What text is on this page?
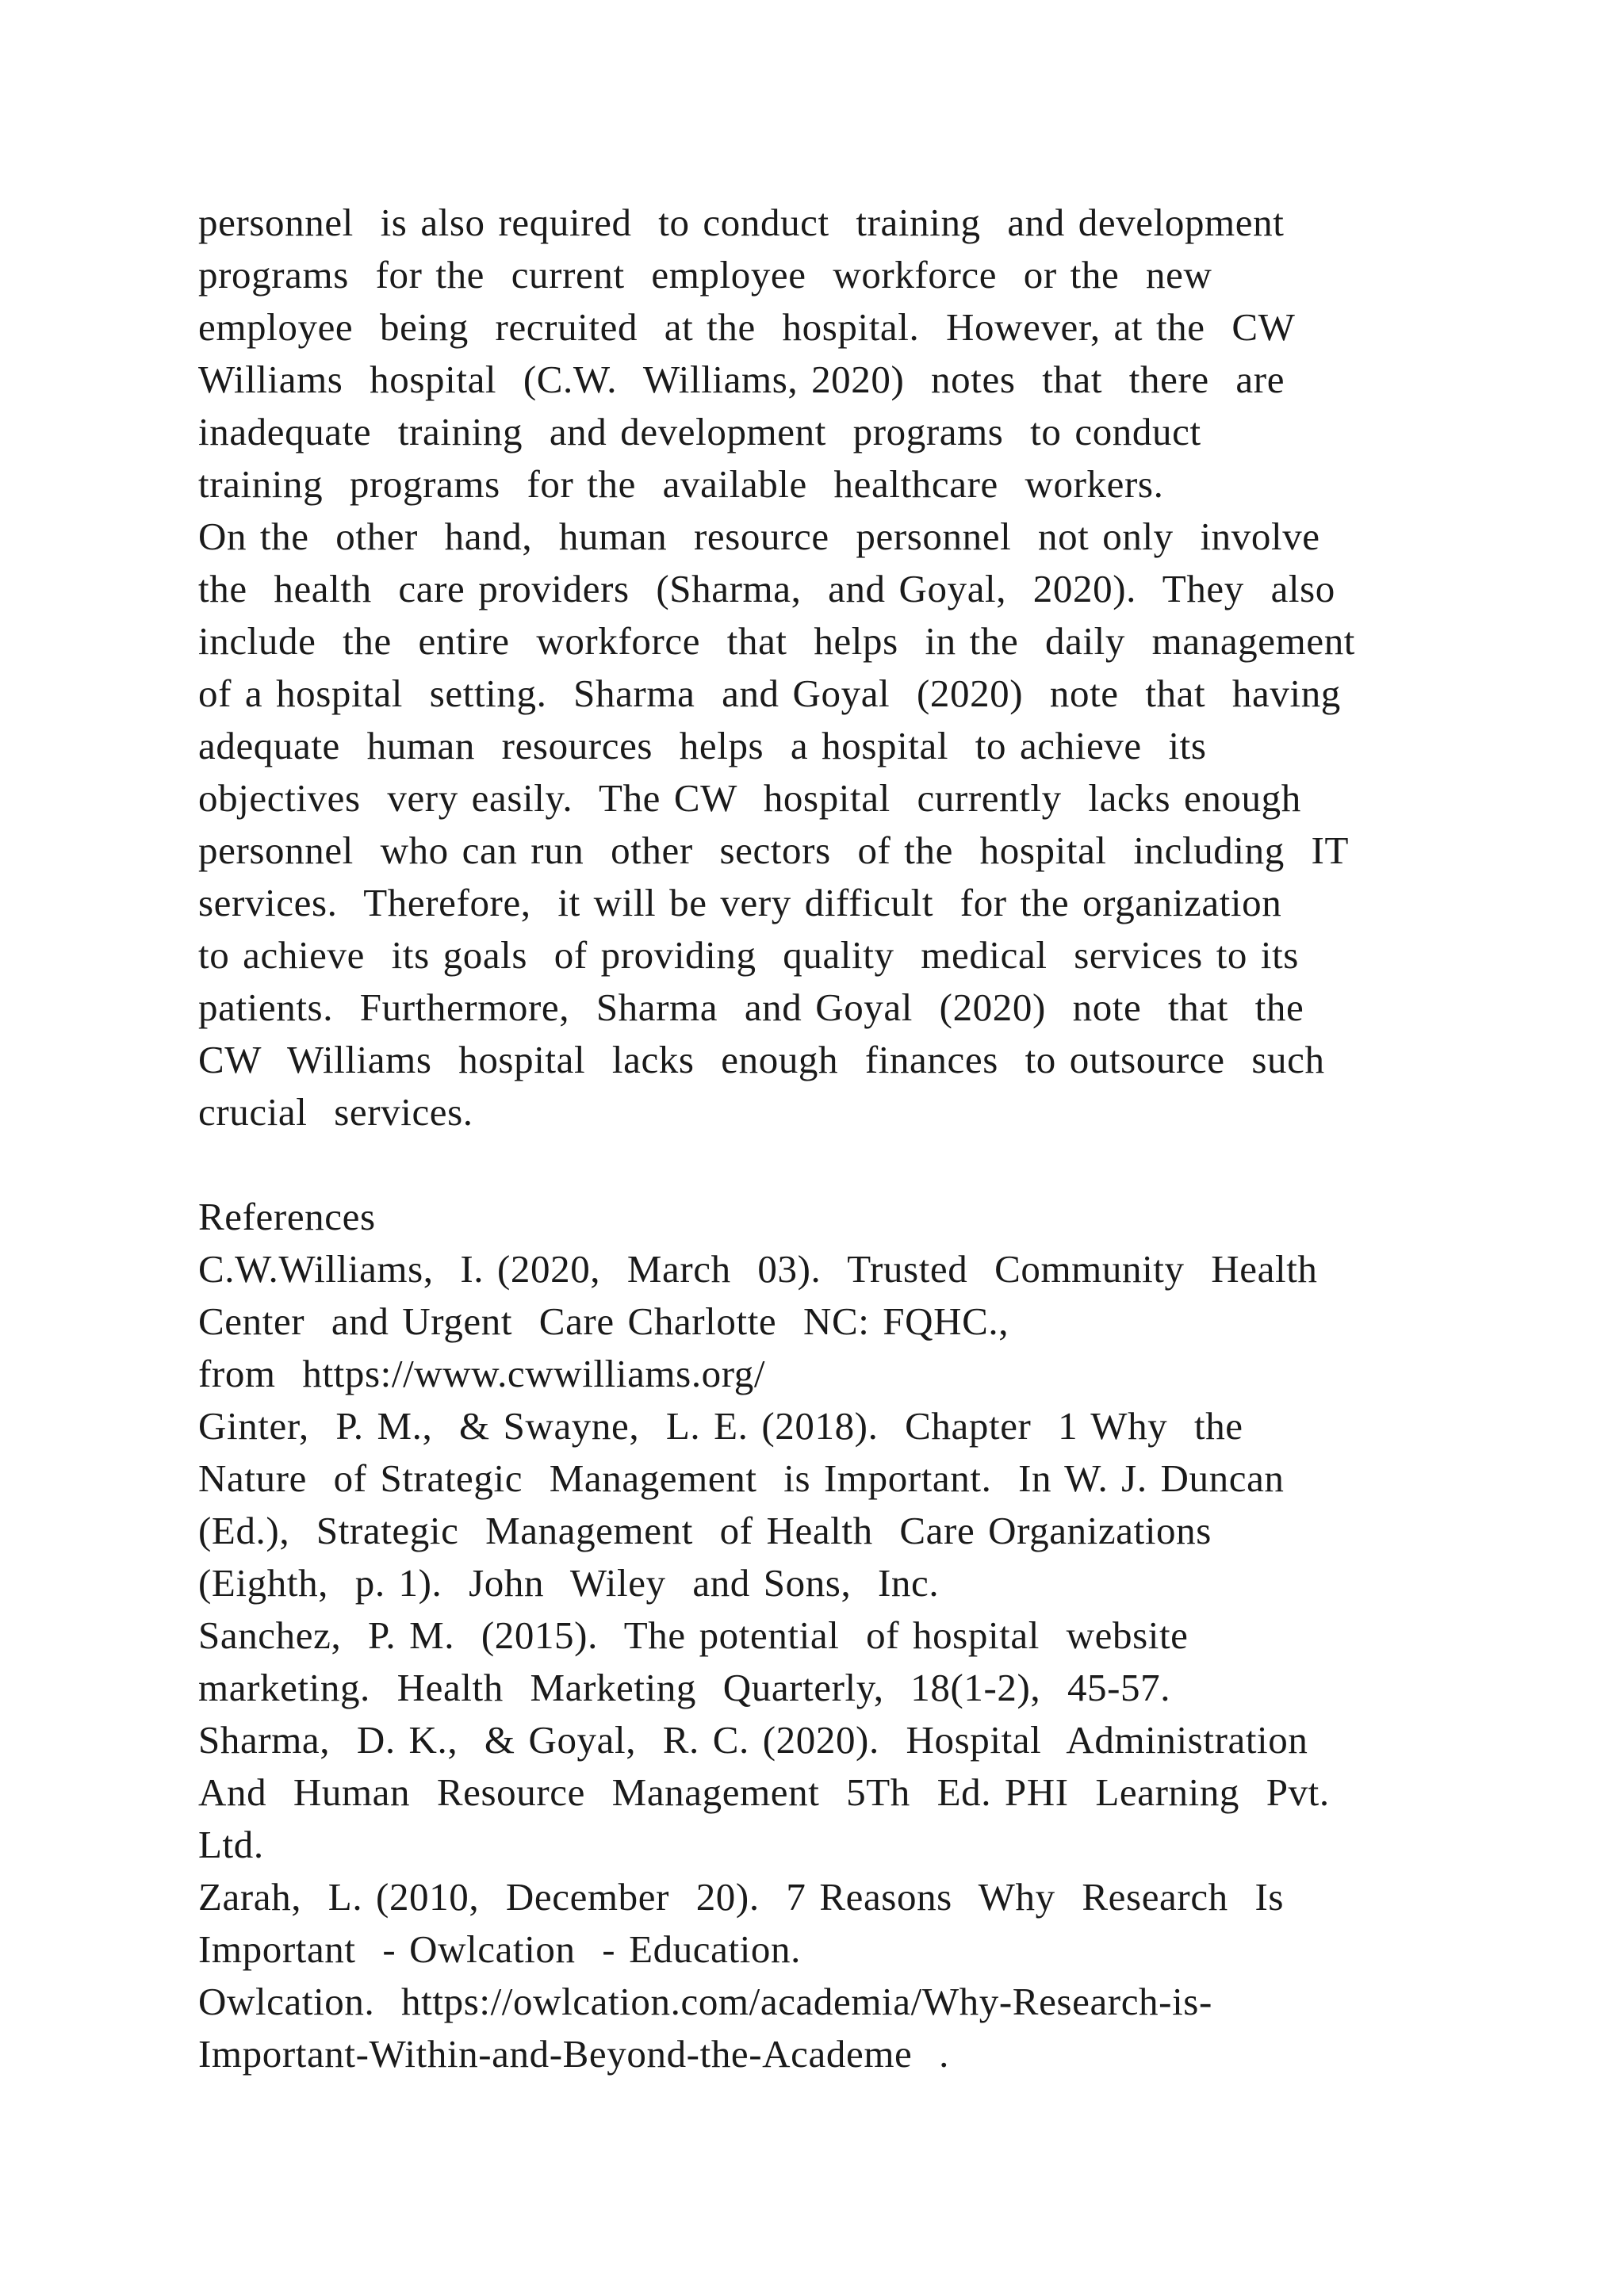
personnel  is also required  to conduct  training  and development
programs  for the  current  employee  workforce  or the  new
employee  being  recruited  at the  hospital.  However, at the  CW
Williams  hospital  (C.W.  Williams, 2020)  notes  that  there  are
inadequate  training  and development  programs  to conduct
training  programs  for the  available  healthcare  workers.
On the  other  hand,  human  resource  personnel  not only  involve
the  health  care providers  (Sharma,  and Goyal,  2020).  They  also
include  the  entire  workforce  that  helps  in the  daily  management
of a hospital  setting.  Sharma  and Goyal  (2020)  note  that  having
adequate  human  resources  helps  a hospital  to achieve  its
objectives  very easily.  The CW  hospital  currently  lacks enough
personnel  who can run  other  sectors  of the  hospital  including  IT
services.  Therefore,  it will be very difficult  for the organization
to achieve  its goals  of providing  quality  medical  services to its
patients.  Furthermore,  Sharma  and Goyal  (2020)  note  that  the
CW  Williams  hospital  lacks  enough  finances  to outsource  such
crucial  services.
References
C.W.Williams,  I. (2020,  March  03).  Trusted  Community  Health
Center  and Urgent  Care Charlotte  NC: FQHC.,
from  https://www.cwwilliams.org/
Ginter,  P. M.,  & Swayne,  L. E. (2018).  Chapter  1 Why  the
Nature  of Strategic  Management  is Important.  In W. J. Duncan
(Ed.),  Strategic  Management  of Health  Care Organizations
(Eighth,  p. 1).  John  Wiley  and Sons,  Inc.
Sanchez,  P. M.  (2015).  The potential  of hospital  website
marketing.  Health  Marketing  Quarterly,  18(1-2),  45-57.
Sharma,  D. K.,  & Goyal,  R. C. (2020).  Hospital  Administration
And  Human  Resource  Management  5Th  Ed. PHI  Learning  Pvt.
Ltd.
Zarah,  L. (2010,  December  20).  7 Reasons  Why  Research  Is
Important  - Owlcation  - Education.
Owlcation.  https://owlcation.com/academia/Why-Research-is-
Important-Within-and-Beyond-the-Academe  .
